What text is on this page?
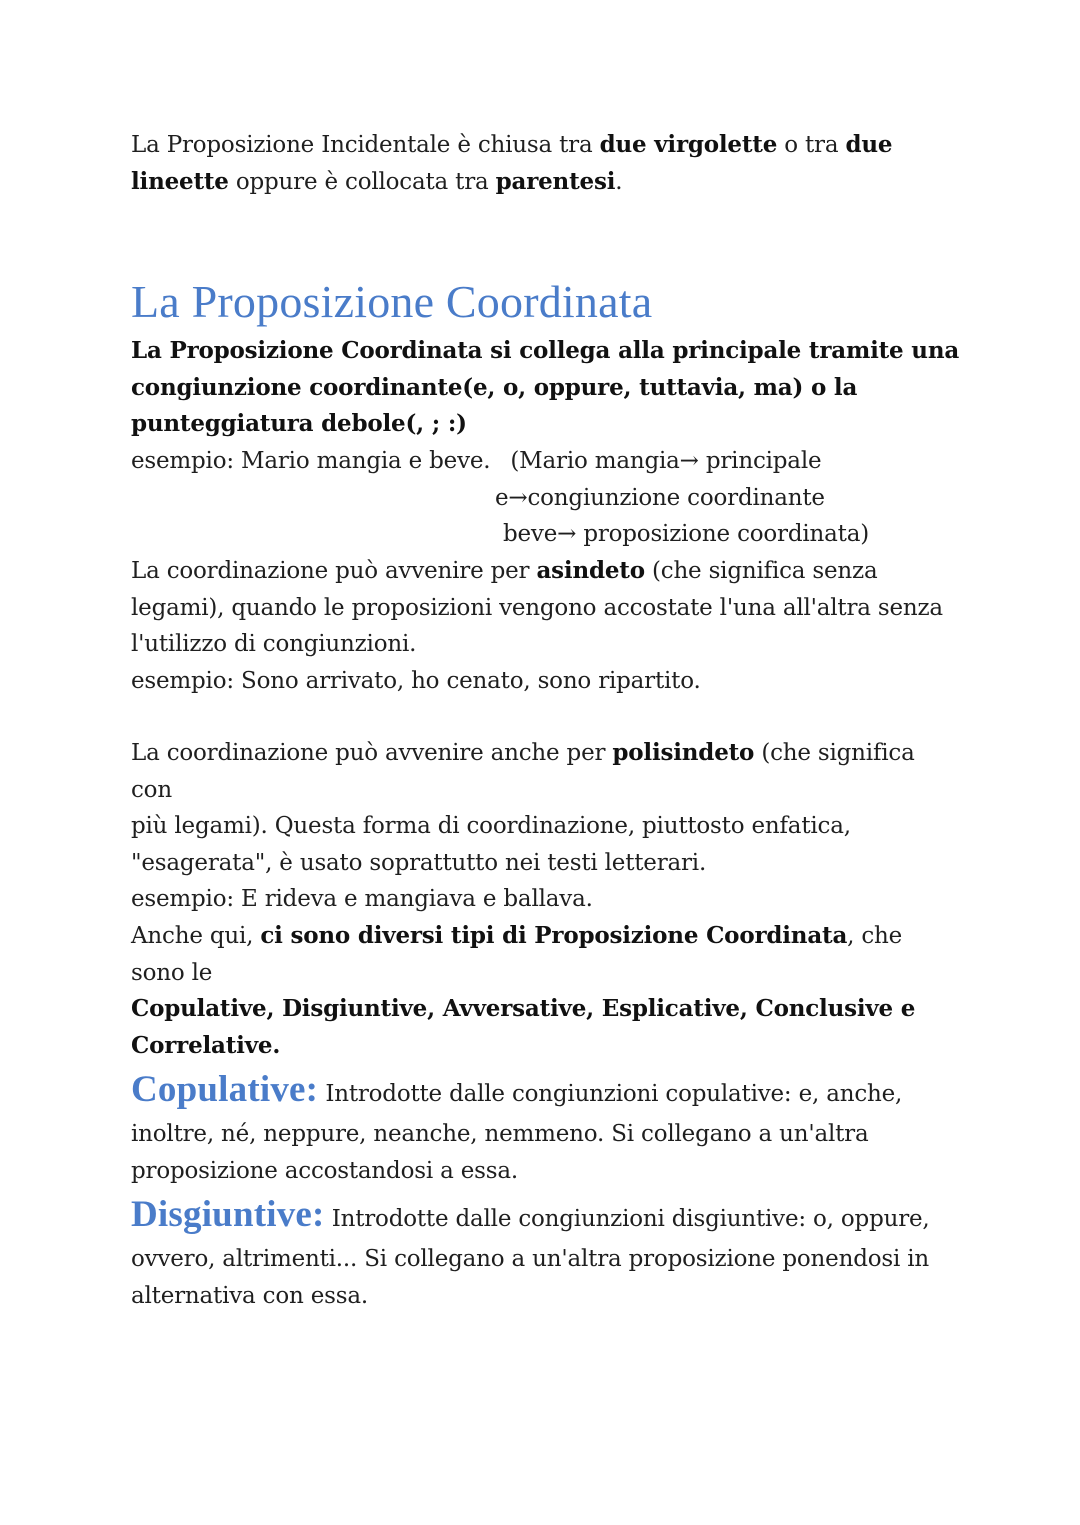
La Proposizione Incidentale è chiusa tra due virgolette o tra due

lineette oppure è collocata tra parentesi.

La Proposizione Coordinata

La Proposizione Coordinata si collega alla principale tramite una

congiunzione coordinante(e, o, oppure, tuttavia, ma) o la

punteggiatura debole(, ; :)

esempio: Mario mangia e beve. (Mario mangia→ principale

e→congiunzione coordinante

beve→ proposizione coordinata)

La coordinazione può avvenire per asindeto (che significa senza

legami), quando le proposizioni vengono accostate l'una all'altra senza

l'utilizzo di congiunzioni.

esempio: Sono arrivato, ho cenato, sono ripartito.

La coordinazione può avvenire anche per polisindeto (che significa con

più legami). Questa forma di coordinazione, piuttosto enfatica,

"esagerata", è usato soprattutto nei testi letterari.

esempio: E rideva e mangiava e ballava.

Anche qui, ci sono diversi tipi di Proposizione Coordinata, che sono le

Copulative, Disgiuntive, Avversative, Esplicative, Conclusive e

Correlative.

Copulative: Introdotte dalle congiunzioni copulative: e, anche,

inoltre, né, neppure, neanche, nemmeno. Si collegano a un'altra

proposizione accostandosi a essa.

Disgiuntive: Introdotte dalle congiunzioni disgiuntive: o, oppure,

ovvero, altrimenti... Si collegano a un'altra proposizione ponendosi in

alternativa con essa.
